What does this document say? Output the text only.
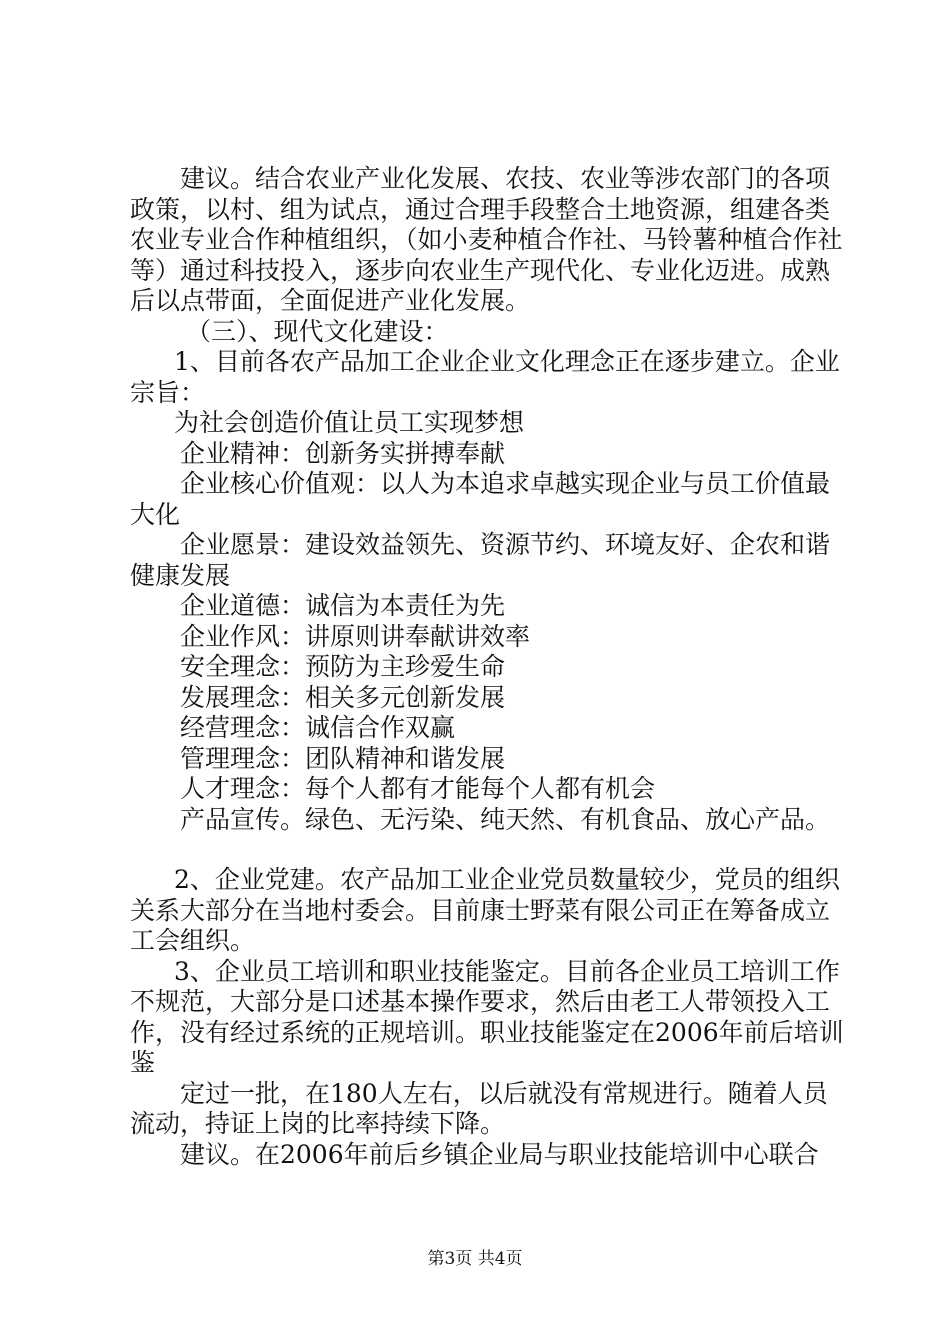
建议。结合农业产业化发展、农技、农业等涉农部门的各项政策，以村、组为试点，通过合理手段整合土地资源，组建各类农业专业合作种植组织，（如小麦种植合作社、马铃薯种植合作社等）通过科技投入，逐步向农业生产现代化、专业化迈进。成熟后以点带面，全面促进产业化发展。

（三）、现代文化建设：

1、目前各农产品加工企业企业文化理念正在逐步建立。企业宗旨：

为社会创造价值让员工实现梦想

企业精神：创新务实拼搏奉献

企业核心价值观：以人为本追求卓越实现企业与员工价值最大化

企业愿景：建设效益领先、资源节约、环境友好、企农和谐健康发展

企业道德：诚信为本责任为先

企业作风：讲原则讲奉献讲效率

安全理念：预防为主珍爱生命

发展理念：相关多元创新发展

经营理念：诚信合作双赢

管理理念：团队精神和谐发展

人才理念：每个人都有才能每个人都有机会

产品宣传。绿色、无污染、纯天然、有机食品、放心产品。

2、企业党建。农产品加工业企业党员数量较少，党员的组织关系大部分在当地村委会。目前康士野菜有限公司正在筹备成立工会组织。

3、企业员工培训和职业技能鉴定。目前各企业员工培训工作不规范，大部分是口述基本操作要求，然后由老工人带领投入工作，没有经过系统的正规培训。职业技能鉴定在2006年前后培训鉴

定过一批，在180人左右，以后就没有常规进行。随着人员流动，持证上岗的比率持续下降。

建议。在2006年前后乡镇企业局与职业技能培训中心联合

第3页 共4页
